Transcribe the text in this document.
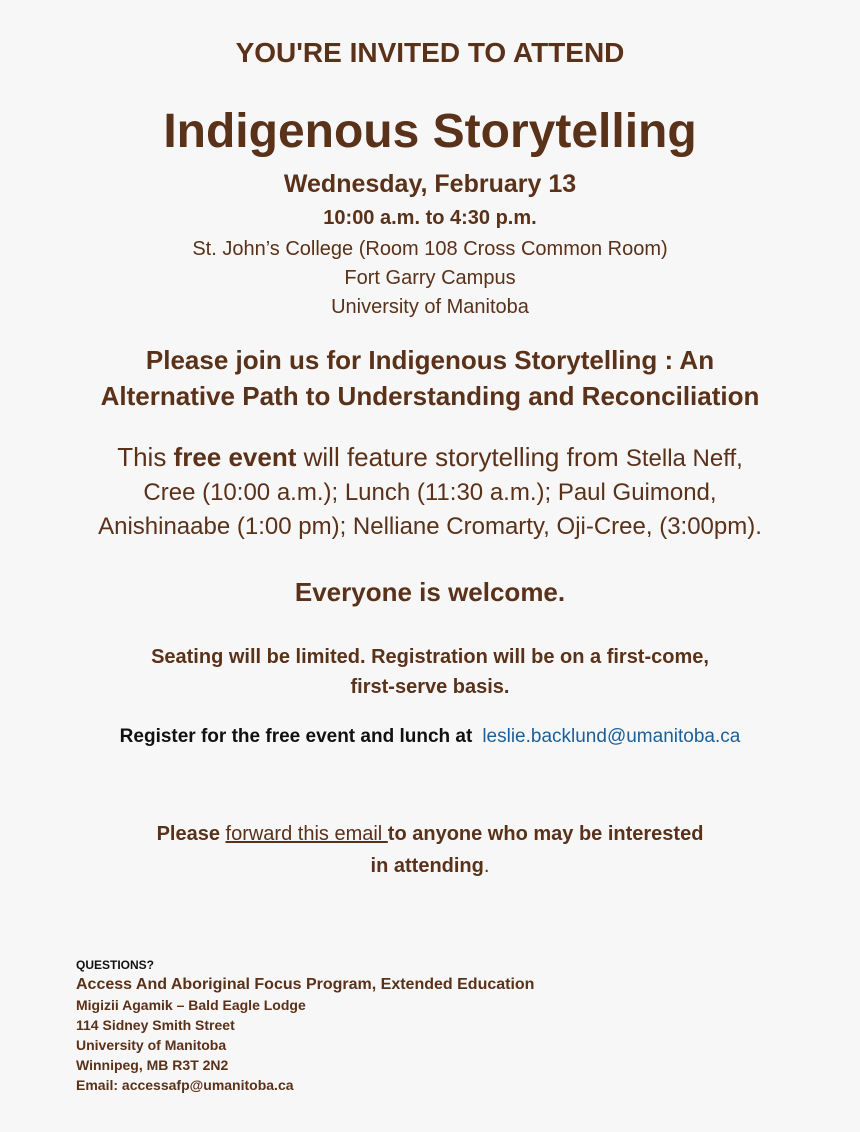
YOU'RE INVITED TO ATTEND
Indigenous Storytelling
Wednesday, February 13
10:00 a.m. to 4:30 p.m.
St. John’s College (Room 108 Cross Common Room)
Fort Garry Campus
University of Manitoba
Please join us for Indigenous Storytelling : An
Alternative Path to Understanding and Reconciliation
This free event will feature storytelling from Stella Neff,
Cree (10:00 a.m.); Lunch (11:30 a.m.); Paul Guimond,
Anishinaabe (1:00 pm); Nelliane Cromarty, Oji-Cree, (3:00pm).
Everyone is welcome.
Seating will be limited. Registration will be on a first-come,
first-serve basis.
Register for the free event and lunch at leslie.backlund@umanitoba.ca
Please forward this email to anyone who may be interested
in attending.
QUESTIONS?
Access And Aboriginal Focus Program, Extended Education
Migizii Agamik – Bald Eagle Lodge
114 Sidney Smith Street
University of Manitoba
Winnipeg, MB R3T 2N2
Email: accessafp@umanitoba.ca
